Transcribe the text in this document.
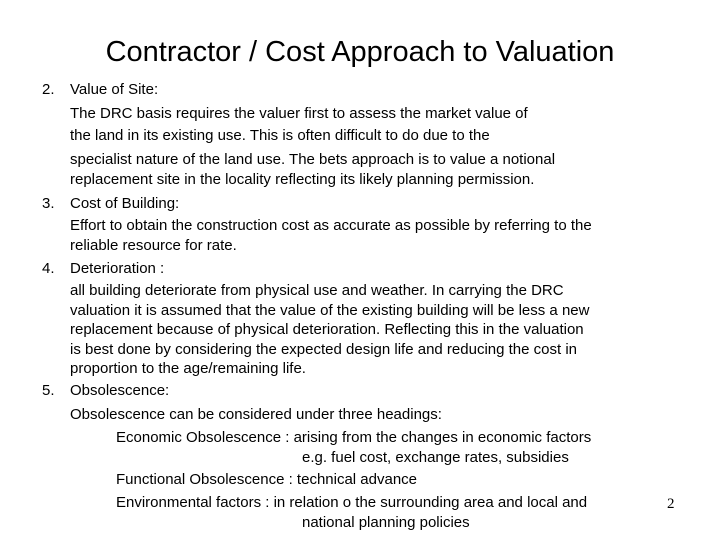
Contractor / Cost Approach to Valuation
2.	Value of Site:
The DRC basis requires the valuer first to assess the market value of
the land in its existing use. This is often difficult to do due to the
specialist nature of the land use. The bets approach is to value a notional
replacement site in the locality reflecting its likely planning permission.
3.	Cost of Building:
Effort to obtain the construction cost as accurate as possible by referring to the
reliable resource for rate.
4.	Deterioration :
all building deteriorate from physical use and weather. In carrying the DRC
valuation it is assumed that the value of the existing building will be less a new
replacement because of physical deterioration. Reflecting this in the valuation
is best done by considering the expected design life and reducing the cost in
proportion to the age/remaining life.
5.	Obsolescence:
Obsolescence can be considered under three headings:
Economic Obsolescence : arising from the changes in economic factors
e.g. fuel cost, exchange rates, subsidies
Functional Obsolescence : technical advance
Environmental factors : in relation o the surrounding area and local and
national planning policies
2
